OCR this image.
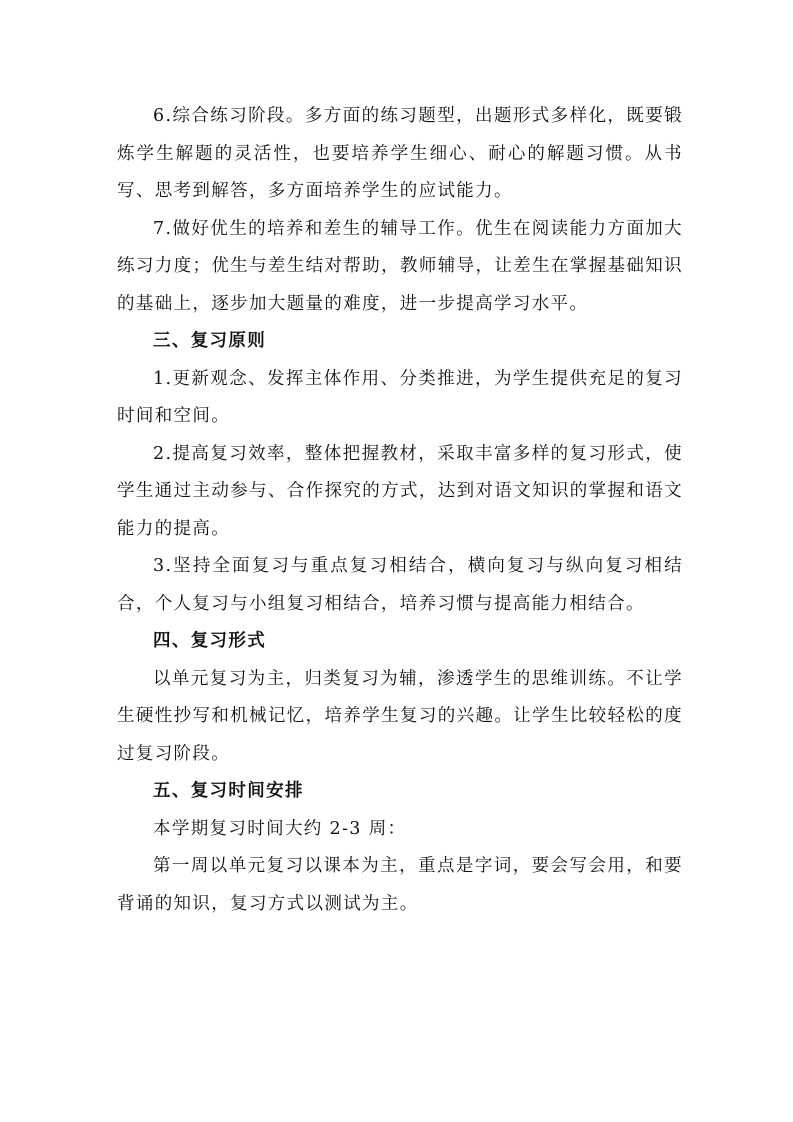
6.综合练习阶段。多方面的练习题型，出题形式多样化，既要锻炼学生解题的灵活性，也要培养学生细心、耐心的解题习惯。从书写、思考到解答，多方面培养学生的应试能力。

7.做好优生的培养和差生的辅导工作。优生在阅读能力方面加大练习力度；优生与差生结对帮助，教师辅导，让差生在掌握基础知识的基础上，逐步加大题量的难度，进一步提高学习水平。

三、复习原则

1.更新观念、发挥主体作用、分类推进，为学生提供充足的复习时间和空间。

2.提高复习效率，整体把握教材，采取丰富多样的复习形式，使学生通过主动参与、合作探究的方式，达到对语文知识的掌握和语文能力的提高。

3.坚持全面复习与重点复习相结合，横向复习与纵向复习相结合，个人复习与小组复习相结合，培养习惯与提高能力相结合。

四、复习形式

以单元复习为主，归类复习为辅，渗透学生的思维训练。不让学生硬性抄写和机械记忆，培养学生复习的兴趣。让学生比较轻松的度过复习阶段。

五、复习时间安排

本学期复习时间大约 2-3 周：

第一周以单元复习以课本为主，重点是字词，要会写会用，和要背诵的知识，复习方式以测试为主。
